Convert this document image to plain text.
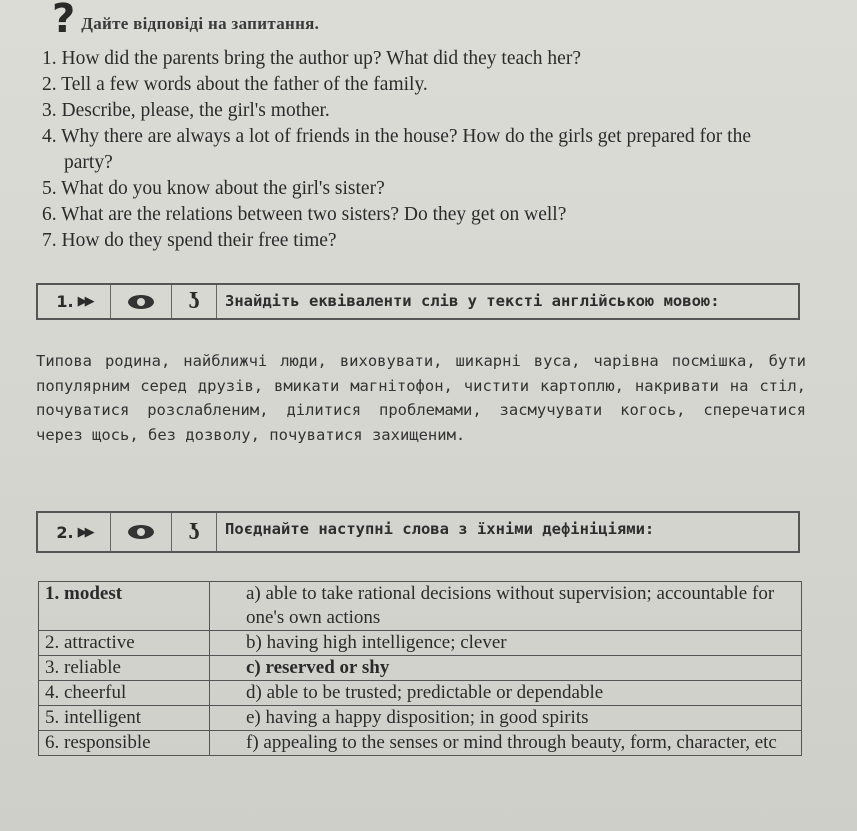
? Дайте відповіді на запитання.
1. How did the parents bring the author up? What did they teach her?
2. Tell a few words about the father of the family.
3. Describe, please, the girl's mother.
4. Why there are always a lot of friends in the house? How do the girls get prepared for the party?
5. What do you know about the girl's sister?
6. What are the relations between two sisters? Do they get on well?
7. How do they spend their free time?
1. ▶▶	ʖ	Знайдіть еквіваленти слів у тексті англійською мовою:
Типова родина, найближчі люди, виховувати, шикарні вуса, чарівна посмішка, бути популярним серед друзів, вмикати магнітофон, чистити картоплю, накривати на стіл, почуватися розслабленим, ділитися проблемами, засмучувати когось, сперечатися через щось, без дозволу, почуватися захищеним.
2. ▶▶	ʖ	Поєднайте наступні слова з їхніми дефініціями:
1. modest	a) able to take rational decisions without supervision; accountable for one's own actions
2. attractive	b) having high intelligence; clever
3. reliable	c) reserved or shy
4. cheerful	d) able to be trusted; predictable or dependable
5. intelligent	e) having a happy disposition; in good spirits
6. responsible	f) appealing to the senses or mind through beauty, form, character, etc
